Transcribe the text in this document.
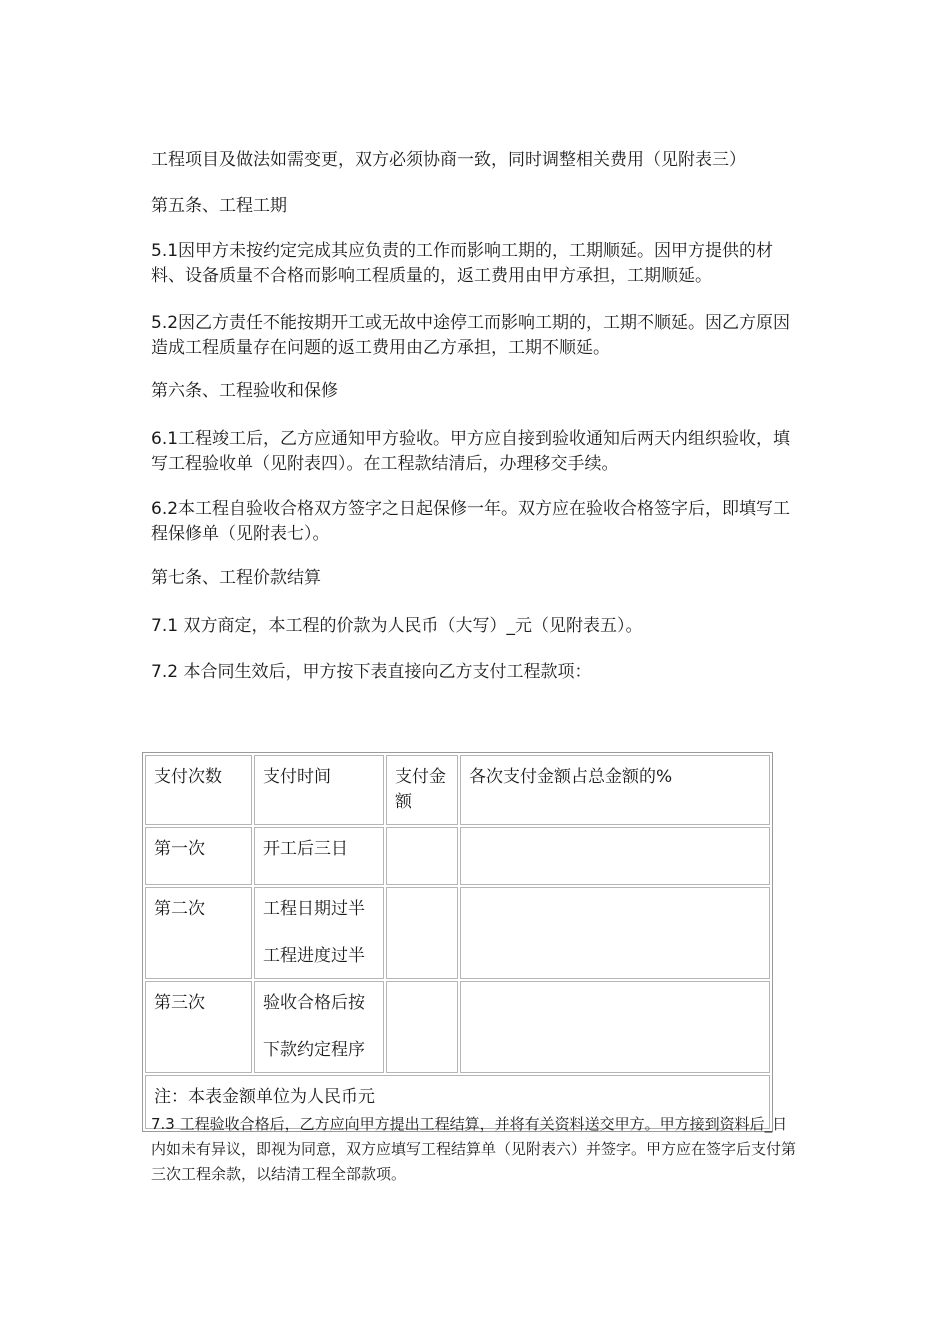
工程项目及做法如需变更，双方必须协商一致，同时调整相关费用（见附表三）

第五条、工程工期

5.1因甲方未按约定完成其应负责的工作而影响工期的，工期顺延。因甲方提供的材料、设备质量不合格而影响工程质量的，返工费用由甲方承担，工期顺延。

5.2因乙方责任不能按期开工或无故中途停工而影响工期的，工期不顺延。因乙方原因造成工程质量存在问题的返工费用由乙方承担，工期不顺延。

第六条、工程验收和保修

6.1工程竣工后，乙方应通知甲方验收。甲方应自接到验收通知后两天内组织验收，填写工程验收单（见附表四）。在工程款结清后，办理移交手续。

6.2本工程自验收合格双方签字之日起保修一年。双方应在验收合格签字后，即填写工程保修单（见附表七）。

第七条、工程价款结算

7.1 双方商定，本工程的价款为人民币（大写）_元（见附表五）。

7.2 本合同生效后，甲方按下表直接向乙方支付工程款项：

支付次数	支付时间	支付金额	各次支付金额占总金额的%
第一次	开工后三日		
第二次	工程日期过半
工程进度过半		

第三次	验收合格后按
下款约定程序		

注：本表金额单位为人民币元			

7.3 工程验收合格后，乙方应向甲方提出工程结算，并将有关资料送交甲方。甲方接到资料后_日内如未有异议，即视为同意，双方应填写工程结算单（见附表六）并签字。甲方应在签字后支付第三次工程余款，以结清工程全部款项。
